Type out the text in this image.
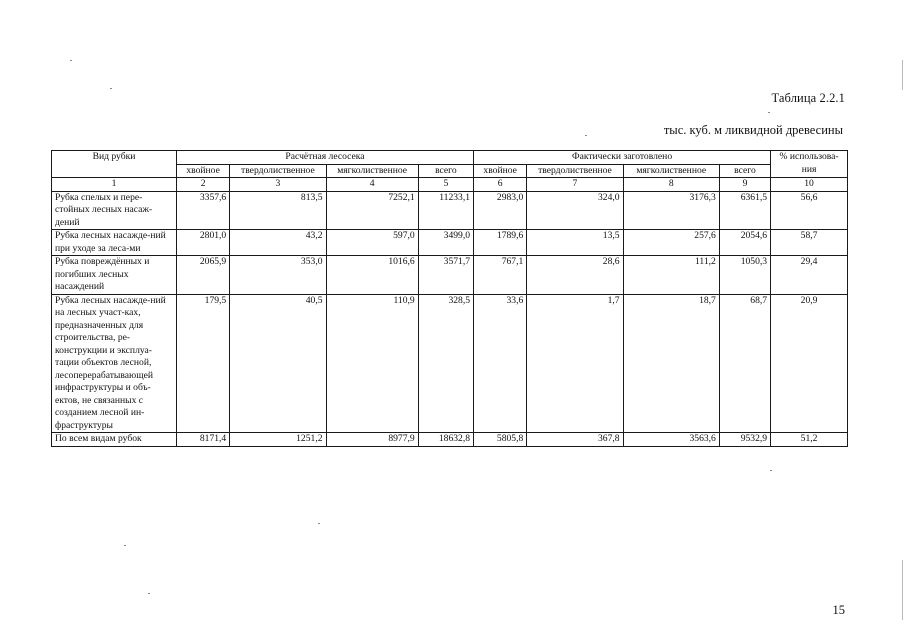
Таблица 2.2.1
тыс. куб. м ликвидной древесины
Вид рубки	Расчётная лесосека				Фактически заготовлено				% использова-ния
	хвойное	твердолиственное	мягколиственное	всего	хвойное	твердолиственное	мягколиственное	всего	
1	2	3	4	5	6	7	8	9	10
Рубка спелых и пере-стойных лесных насаж-дений	3357,6	813,5	7252,1	11233,1	2983,0	324,0	3176,3	6361,5	56,6
Рубка лесных насажде-ний при уходе за леса-ми	2801,0	43,2	597,0	3499,0	1789,6	13,5	257,6	2054,6	58,7
Рубка повреждённых и погибших лесных насаждений	2065,9	353,0	1016,6	3571,7	767,1	28,6	111,2	1050,3	29,4
Рубка лесных насажде-ний на лесных участ-ках, предназначенных для строительства, ре-конструкции и эксплуа-тации объектов лесной, лесоперерабатывающей инфраструктуры и объ-ектов, не связанных с созданием лесной ин-фраструктуры	179,5	40,5	110,9	328,5	33,6	1,7	18,7	68,7	20,9
По всем видам рубок	8171,4	1251,2	8977,9	18632,8	5805,8	367,8	3563,6	9532,9	51,2
15
